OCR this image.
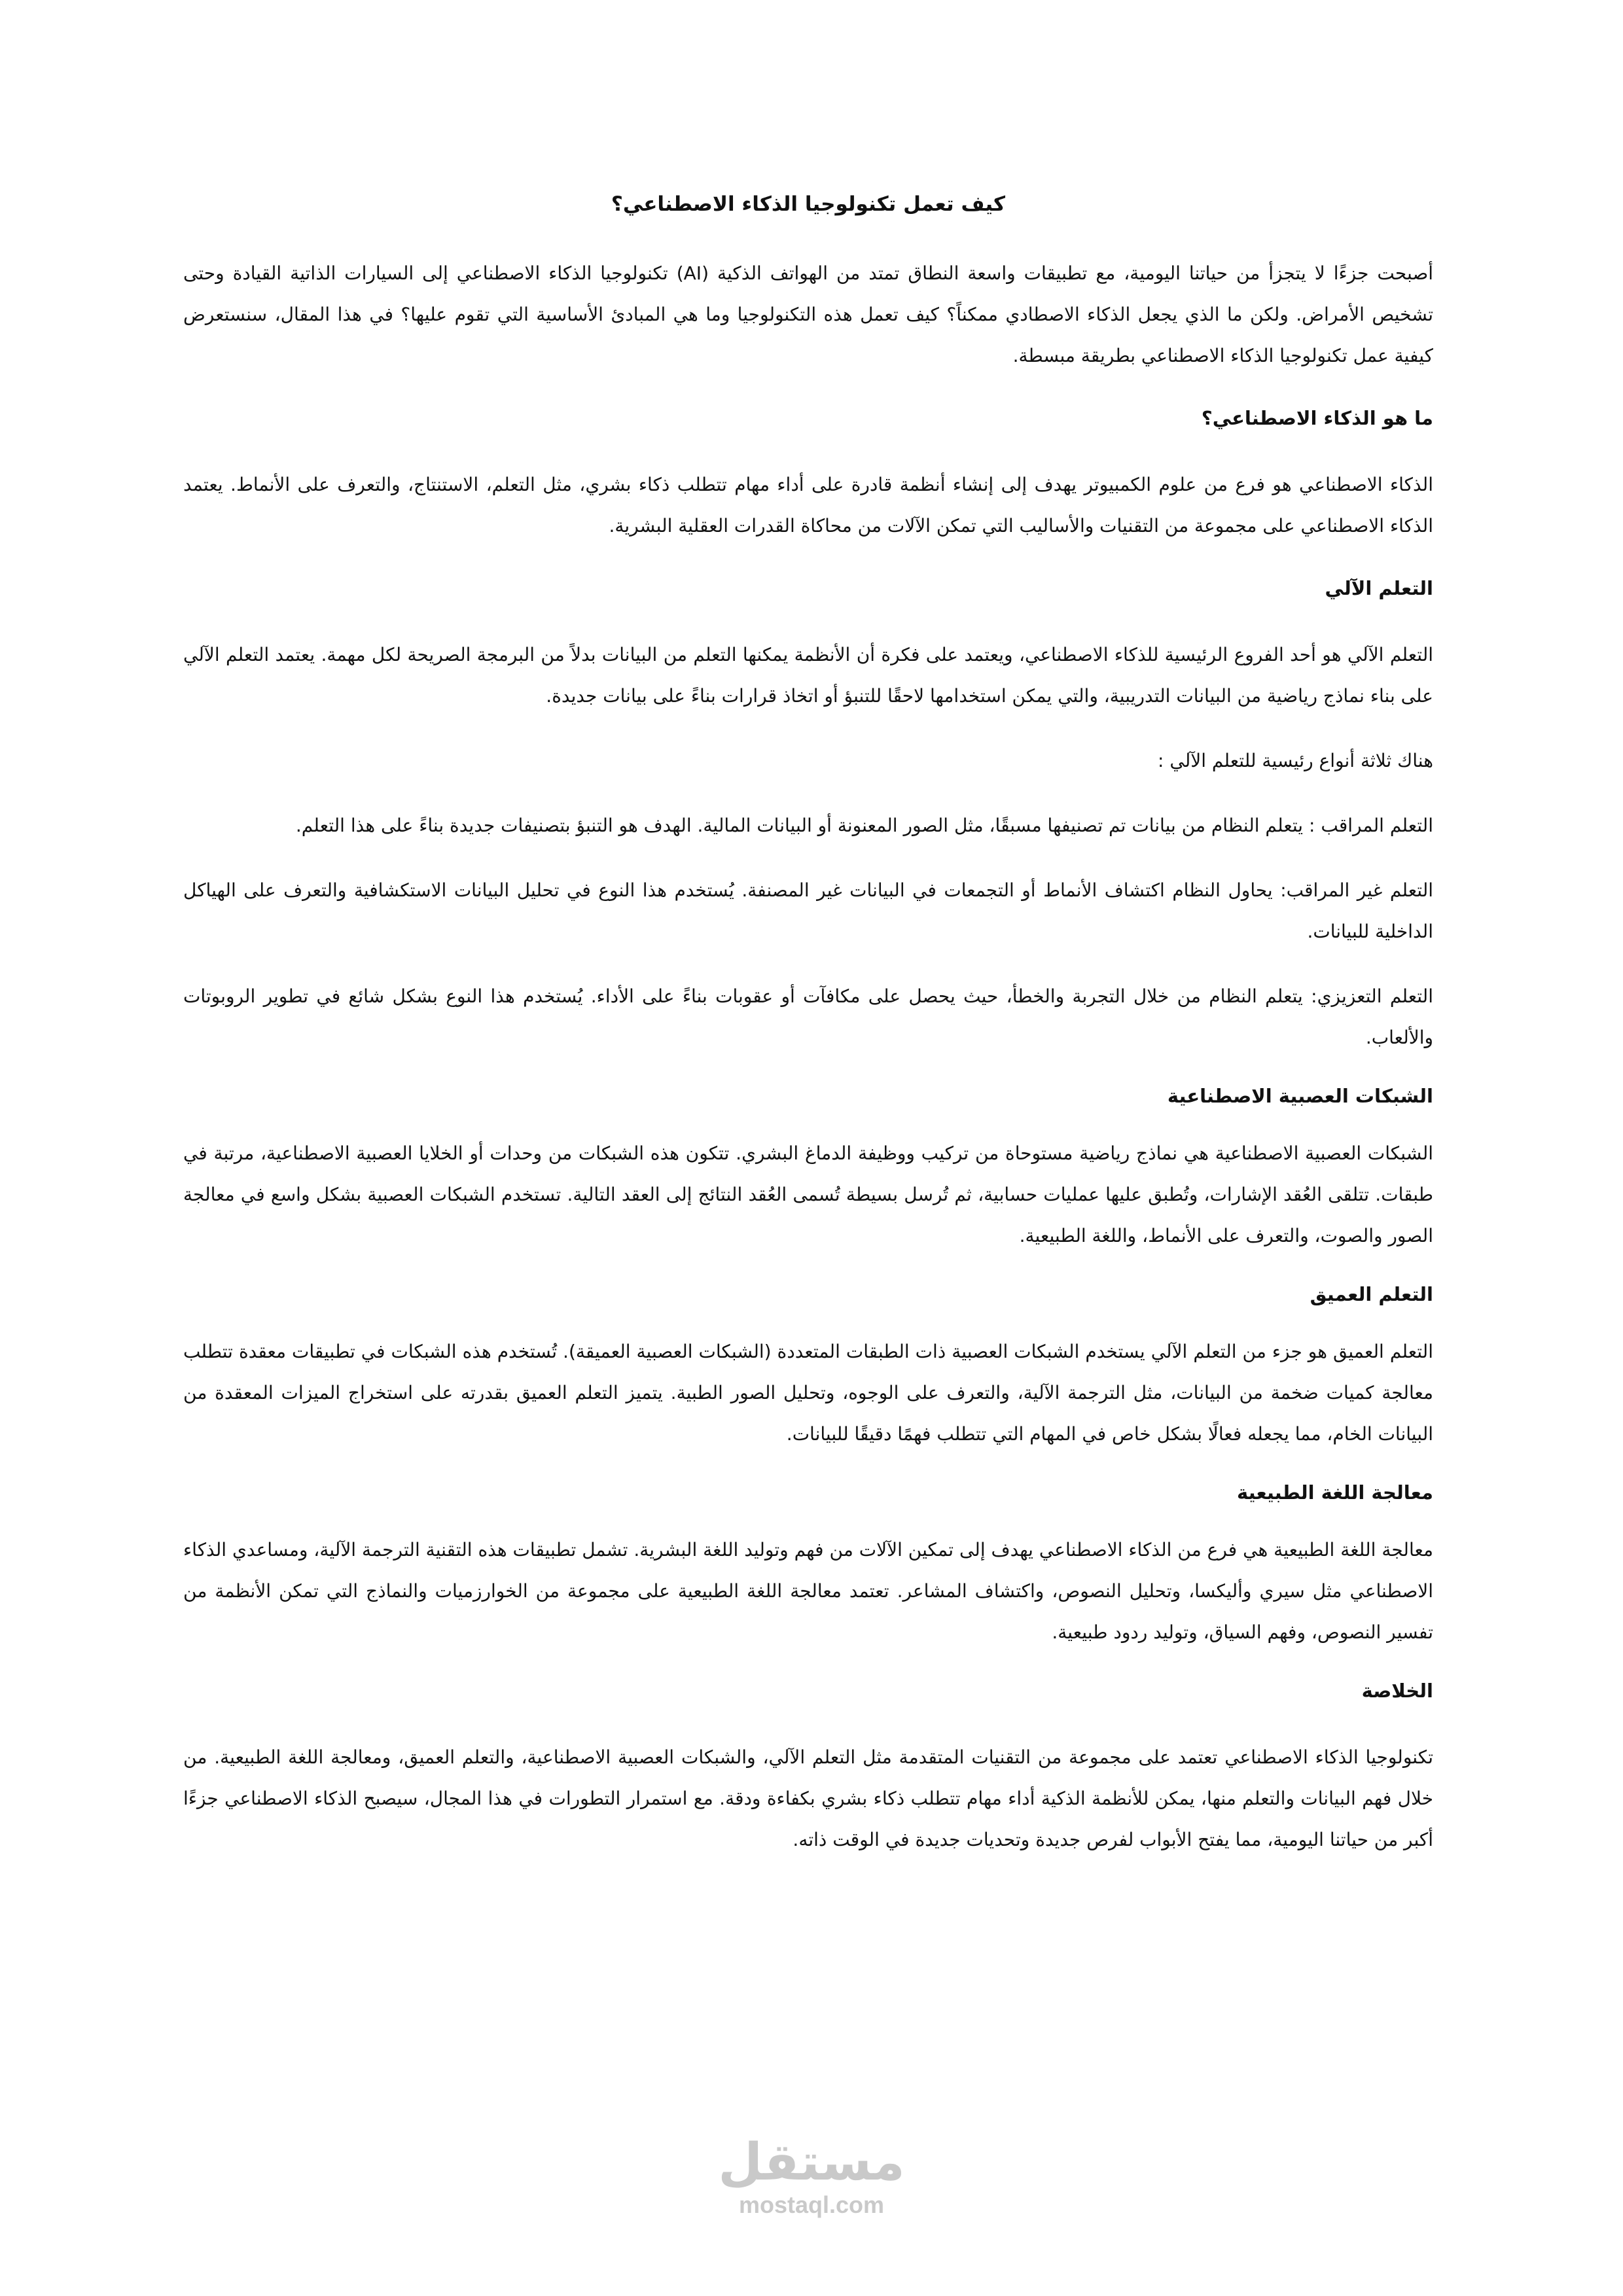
كيف تعمل تكنولوجيا الذكاء الاصطناعي؟

أصبحت جزءًا لا يتجزأ من حياتنا اليومية، مع تطبيقات واسعة النطاق تمتد من الهواتف الذكية (AI) تكنولوجيا الذكاء الاصطناعي إلى السيارات الذاتية القيادة وحتى تشخيص الأمراض. ولكن ما الذي يجعل الذكاء الاصطادي ممكناً؟ كيف تعمل هذه التكنولوجيا وما هي المبادئ الأساسية التي تقوم عليها؟ في هذا المقال، سنستعرض كيفية عمل تكنولوجيا الذكاء الاصطناعي بطريقة مبسطة.

ما هو الذكاء الاصطناعي؟

الذكاء الاصطناعي هو فرع من علوم الكمبيوتر يهدف إلى إنشاء أنظمة قادرة على أداء مهام تتطلب ذكاء بشري، مثل التعلم، الاستنتاج، والتعرف على الأنماط. يعتمد الذكاء الاصطناعي على مجموعة من التقنيات والأساليب التي تمكن الآلات من محاكاة القدرات العقلية البشرية.

التعلم الآلي

التعلم الآلي هو أحد الفروع الرئيسية للذكاء الاصطناعي، ويعتمد على فكرة أن الأنظمة يمكنها التعلم من البيانات بدلاً من البرمجة الصريحة لكل مهمة. يعتمد التعلم الآلي على بناء نماذج رياضية من البيانات التدريبية، والتي يمكن استخدامها لاحقًا للتنبؤ أو اتخاذ قرارات بناءً على بيانات جديدة.

هناك ثلاثة أنواع رئيسية للتعلم الآلي :

التعلم المراقب : يتعلم النظام من بيانات تم تصنيفها مسبقًا، مثل الصور المعنونة أو البيانات المالية. الهدف هو التنبؤ بتصنيفات جديدة بناءً على هذا التعلم.

التعلم غير المراقب: يحاول النظام اكتشاف الأنماط أو التجمعات في البيانات غير المصنفة. يُستخدم هذا النوع في تحليل البيانات الاستكشافية والتعرف على الهياكل الداخلية للبيانات.

التعلم التعزيزي: يتعلم النظام من خلال التجربة والخطأ، حيث يحصل على مكافآت أو عقوبات بناءً على الأداء. يُستخدم هذا النوع بشكل شائع في تطوير الروبوتات والألعاب.

الشبكات العصبية الاصطناعية

الشبكات العصبية الاصطناعية هي نماذج رياضية مستوحاة من تركيب ووظيفة الدماغ البشري. تتكون هذه الشبكات من وحدات أو الخلايا العصبية الاصطناعية، مرتبة في طبقات. تتلقى العُقد الإشارات، وتُطبق عليها عمليات حسابية، ثم تُرسل بسيطة تُسمى العُقد النتائج إلى العقد التالية. تستخدم الشبكات العصبية بشكل واسع في معالجة الصور والصوت، والتعرف على الأنماط، واللغة الطبيعية.

التعلم العميق

التعلم العميق هو جزء من التعلم الآلي يستخدم الشبكات العصبية ذات الطبقات المتعددة (الشبكات العصبية العميقة). تُستخدم هذه الشبكات في تطبيقات معقدة تتطلب معالجة كميات ضخمة من البيانات، مثل الترجمة الآلية، والتعرف على الوجوه، وتحليل الصور الطبية. يتميز التعلم العميق بقدرته على استخراج الميزات المعقدة من البيانات الخام، مما يجعله فعالًا بشكل خاص في المهام التي تتطلب فهمًا دقيقًا للبيانات.

معالجة اللغة الطبيعية

معالجة اللغة الطبيعية هي فرع من الذكاء الاصطناعي يهدف إلى تمكين الآلات من فهم وتوليد اللغة البشرية. تشمل تطبيقات هذه التقنية الترجمة الآلية، ومساعدي الذكاء الاصطناعي مثل سيري وأليكسا، وتحليل النصوص، واكتشاف المشاعر. تعتمد معالجة اللغة الطبيعية على مجموعة من الخوارزميات والنماذج التي تمكن الأنظمة من تفسير النصوص، وفهم السياق، وتوليد ردود طبيعية.

الخلاصة

تكنولوجيا الذكاء الاصطناعي تعتمد على مجموعة من التقنيات المتقدمة مثل التعلم الآلي، والشبكات العصبية الاصطناعية، والتعلم العميق، ومعالجة اللغة الطبيعية. من خلال فهم البيانات والتعلم منها، يمكن للأنظمة الذكية أداء مهام تتطلب ذكاء بشري بكفاءة ودقة. مع استمرار التطورات في هذا المجال، سيصبح الذكاء الاصطناعي جزءًا أكبر من حياتنا اليومية، مما يفتح الأبواب لفرص جديدة وتحديات جديدة في الوقت ذاته.

مستقل
mostaql.com
